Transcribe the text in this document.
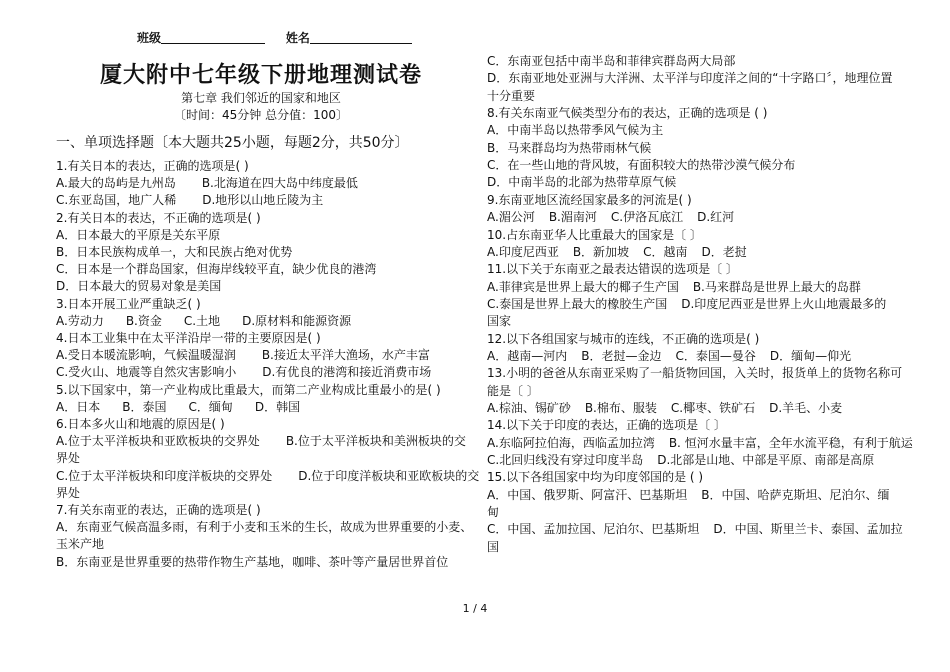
班级	姓名
厦大附中七年级下册地理测试卷
第七章 我们邻近的国家和地区
〔时间：45分钟 总分值：100〕
一、单项选择题〔本大题共25小题，每题2分，共50分〕
1.有关日本的表达，正确的选项是( )
A.最大的岛屿是九州岛 B.北海道在四大岛中纬度最低
C.东亚岛国，地广人稀 D.地形以山地丘陵为主
2.有关日本的表达，不正确的选项是( )
A．日本最大的平原是关东平原
B．日本民族构成单一，大和民族占绝对优势
C．日本是一个群岛国家，但海岸线较平直，缺少优良的港湾
D．日本最大的贸易对象是美国
3.日本开展工业严重缺乏( )
A.劳动力 B.资金 C.土地 D.原材料和能源资源
4.日本工业集中在太平洋沿岸一带的主要原因是( )
A.受日本暖流影响，气候温暖湿润 B.接近太平洋大渔场，水产丰富
C.受火山、地震等自然灾害影响小 D.有优良的港湾和接近消费市场
5.以下国家中，第一产业构成比重最大，而第二产业构成比重最小的是( )
A．日本 B．泰国 C．缅甸 D．韩国
6.日本多火山和地震的原因是( )
A.位于太平洋板块和亚欧板块的交界处 B.位于太平洋板块和美洲板块的交
界处
C.位于太平洋板块和印度洋板块的交界处 D.位于印度洋板块和亚欧板块的交
界处
7.有关东南亚的表达，正确的选项是( )
A．东南亚气候高温多雨，有利于小麦和玉米的生长，故成为世界重要的小麦、
玉米产地
B．东南亚是世界重要的热带作物生产基地，咖啡、茶叶等产量居世界首位
C．东南亚包括中南半岛和菲律宾群岛两大局部
D．东南亚地处亚洲与大洋洲、太平洋与印度洋之间的“十字路口〞，地理位置
十分重要
8.有关东南亚气候类型分布的表达，正确的选项是 ( )
A．中南半岛以热带季风气候为主
B．马来群岛均为热带雨林气候
C．在一些山地的背风坡，有面积较大的热带沙漠气候分布
D．中南半岛的北部为热带草原气候
9.东南亚地区流经国家最多的河流是( )
A.湄公河 B.湄南河 C.伊洛瓦底江 D.红河
10.占东南亚华人比重最大的国家是〔 〕
A.印度尼西亚 B．新加坡 C．越南 D．老挝
11.以下关于东南亚之最表达错误的选项是〔 〕
A.菲律宾是世界上最大的椰子生产国 B.马来群岛是世界上最大的岛群
C.泰国是世界上最大的橡胶生产国 D.印度尼西亚是世界上火山地震最多的
国家
12.以下各组国家与城市的连线，不正确的选项是( )
A．越南—河内 B．老挝—金边 C．泰国—曼谷 D．缅甸—仰光
13.小明的爸爸从东南亚采购了一船货物回国，入关时，报货单上的货物名称可
能是〔 〕
A.棕油、锡矿砂 B.棉布、服装 C.椰枣、铁矿石 D.羊毛、小麦
14.以下关于印度的表达，正确的选项是〔 〕
A.东临阿拉伯海，西临孟加拉湾 B. 恒河水量丰富，全年水流平稳，有利于航运
C.北回归线没有穿过印度半岛 D.北部是山地、中部是平原、南部是高原
15.以下各组国家中均为印度邻国的是 ( )
A．中国、俄罗斯、阿富汗、巴基斯坦 B．中国、哈萨克斯坦、尼泊尔、缅
甸
C．中国、孟加拉国、尼泊尔、巴基斯坦 D．中国、斯里兰卡、泰国、孟加拉
国
1 / 4
